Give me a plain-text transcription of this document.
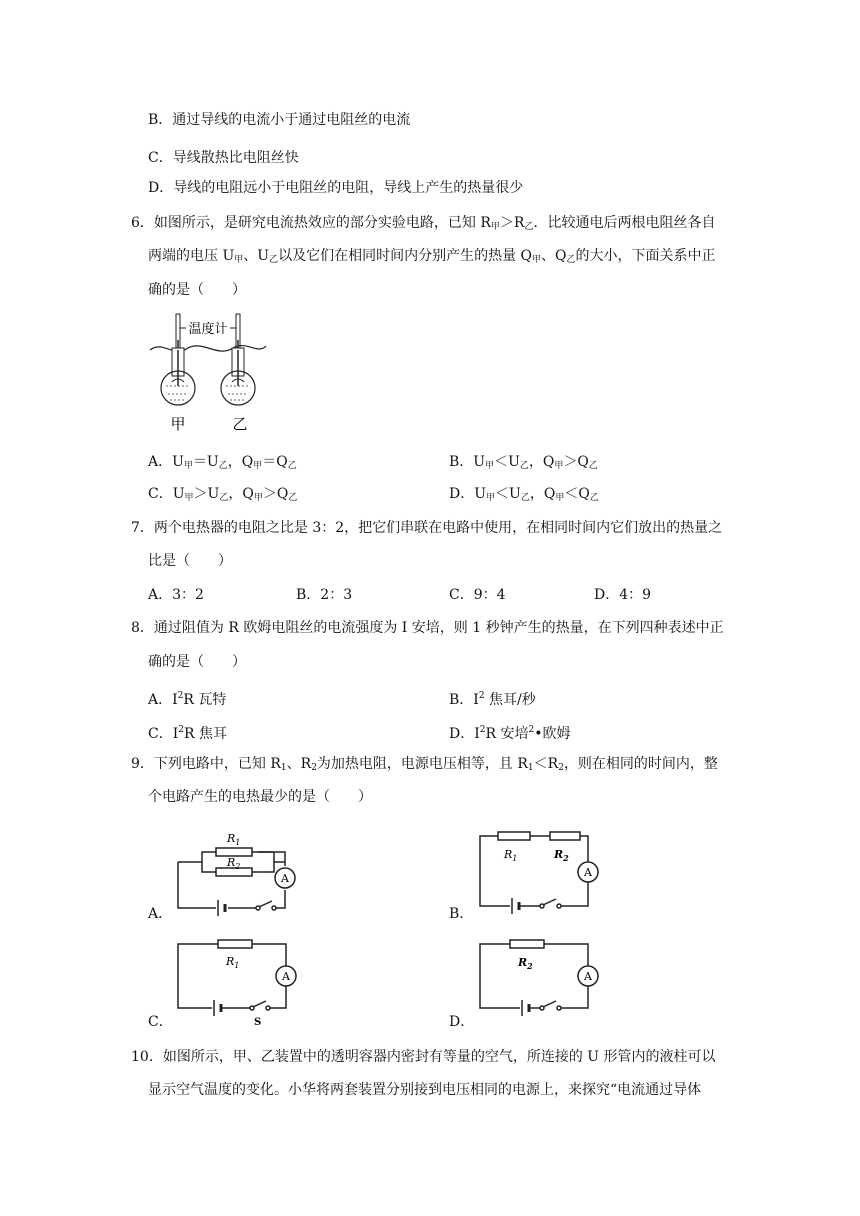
B．通过导线的电流小于通过电阻丝的电流
C．导线散热比电阻丝快
D．导线的电阻远小于电阻丝的电阻，导线上产生的热量很少
6．如图所示，是研究电流热效应的部分实验电路，已知 $R_甲>R_乙$．比较通电后两根电阻丝各自
两端的电压 $U_甲$、$U_乙$以及它们在相同时间内分别产生的热量 $Q_甲$、$Q_乙$的大小，下面关系中正
确的是（　　）
温度计
甲	乙
A．$U_甲=U_乙$，$Q_甲=Q_乙$	B．$U_甲<U_乙$，$Q_甲>Q_乙$
C．$U_甲>U_乙$，$Q_甲>Q_乙$	D．$U_甲<U_乙$，$Q_甲<Q_乙$
7．两个电热器的电阻之比是 3：2，把它们串联在电路中使用，在相同时间内它们放出的热量之
比是（　　）
A．3：2	B．2：3	C．9：4	D．4：9
8．通过阻值为 R 欧姆电阻丝的电流强度为 I 安培，则 1 秒钟产生的热量，在下列四种表述中正
确的是（　　）
A．$I^2R$ 瓦特	B．$I^2$ 焦耳/秒
C．$I^2R$ 焦耳	D．$I^2R$ 安培$^2$•欧姆
9．下列电路中，已知 $R_1$、$R_2$为加热电阻，电源电压相等，且 $R_1<R_2$，则在相同的时间内，整
个电路产生的电热最少的是（　　）
A．
$R_1$
$R_2$
A
B．
$R_1$	$R_2$
A
C．
$R_1$
A
S	D．
$R_2$
A
10．如图所示，甲、乙装置中的透明容器内密封有等量的空气，所连接的 U 形管内的液柱可以
显示空气温度的变化。小华将两套装置分别接到电压相同的电源上，来探究“电流通过导体
